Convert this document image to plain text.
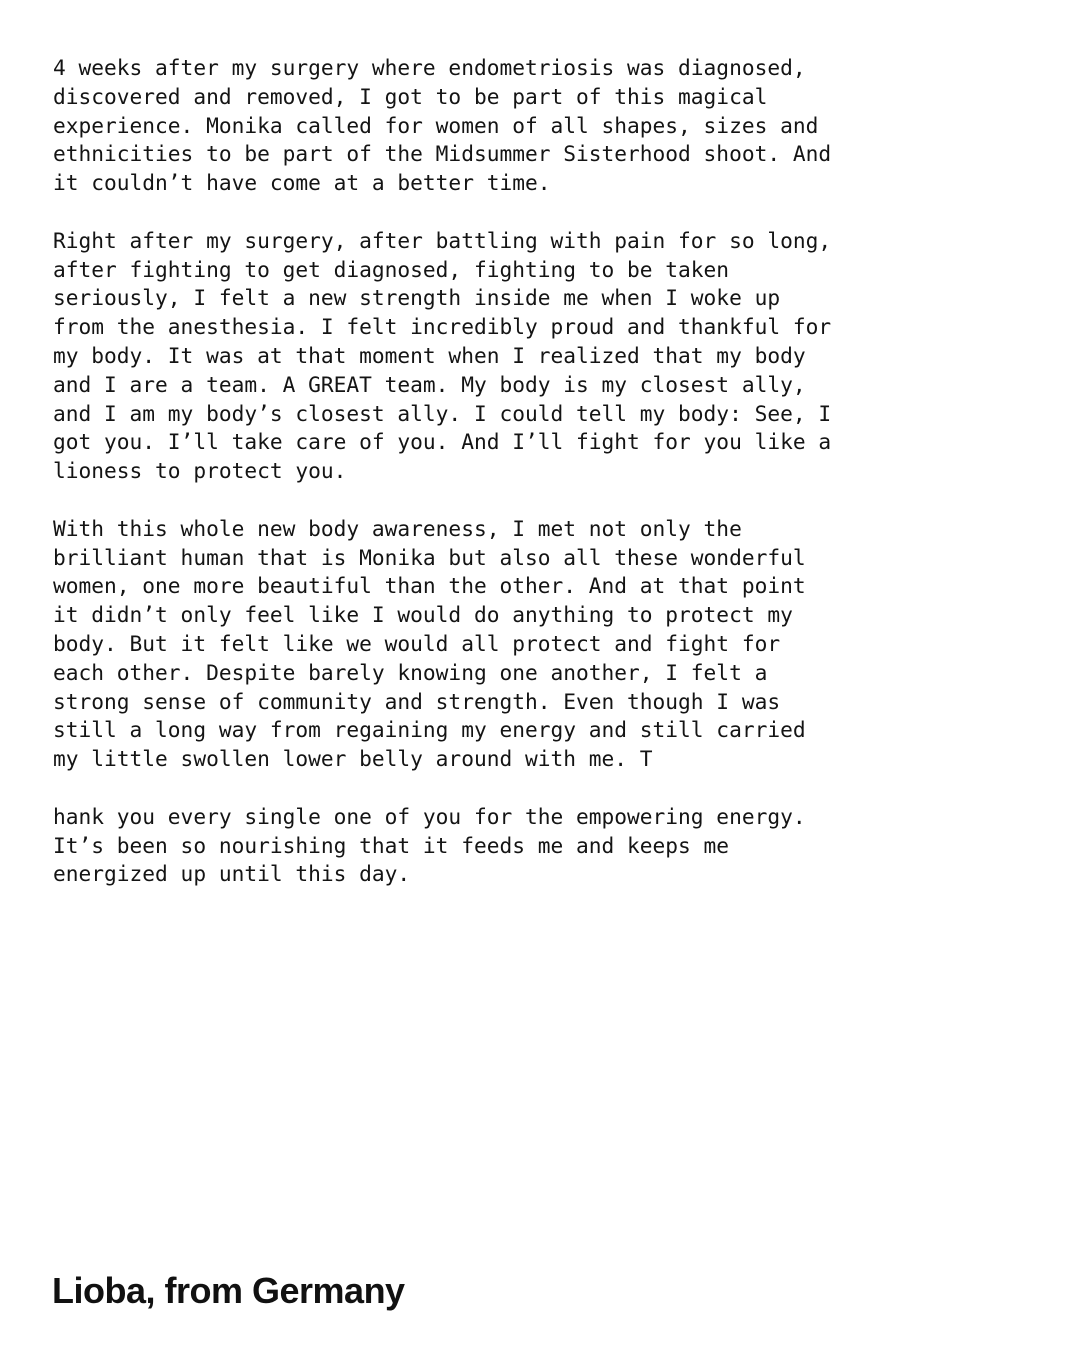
4 weeks after my surgery where endometriosis was diagnosed,
discovered and removed, I got to be part of this magical
experience. Monika called for women of all shapes, sizes and
ethnicities to be part of the Midsummer Sisterhood shoot. And
it couldn’t have come at a better time.
Right after my surgery, after battling with pain for so long,
after fighting to get diagnosed, fighting to be taken
seriously, I felt a new strength inside me when I woke up
from the anesthesia. I felt incredibly proud and thankful for
my body. It was at that moment when I realized that my body
and I are a team. A GREAT team. My body is my closest ally,
and I am my body’s closest ally. I could tell my body: See, I
got you. I’ll take care of you. And I’ll fight for you like a
lioness to protect you.
With this whole new body awareness, I met not only the
brilliant human that is Monika but also all these wonderful
women, one more beautiful than the other. And at that point
it didn’t only feel like I would do anything to protect my
body. But it felt like we would all protect and fight for
each other. Despite barely knowing one another, I felt a
strong sense of community and strength. Even though I was
still a long way from regaining my energy and still carried
my little swollen lower belly around with me. T
hank you every single one of you for the empowering energy.
It’s been so nourishing that it feeds me and keeps me
energized up until this day.
Lioba, from Germany
